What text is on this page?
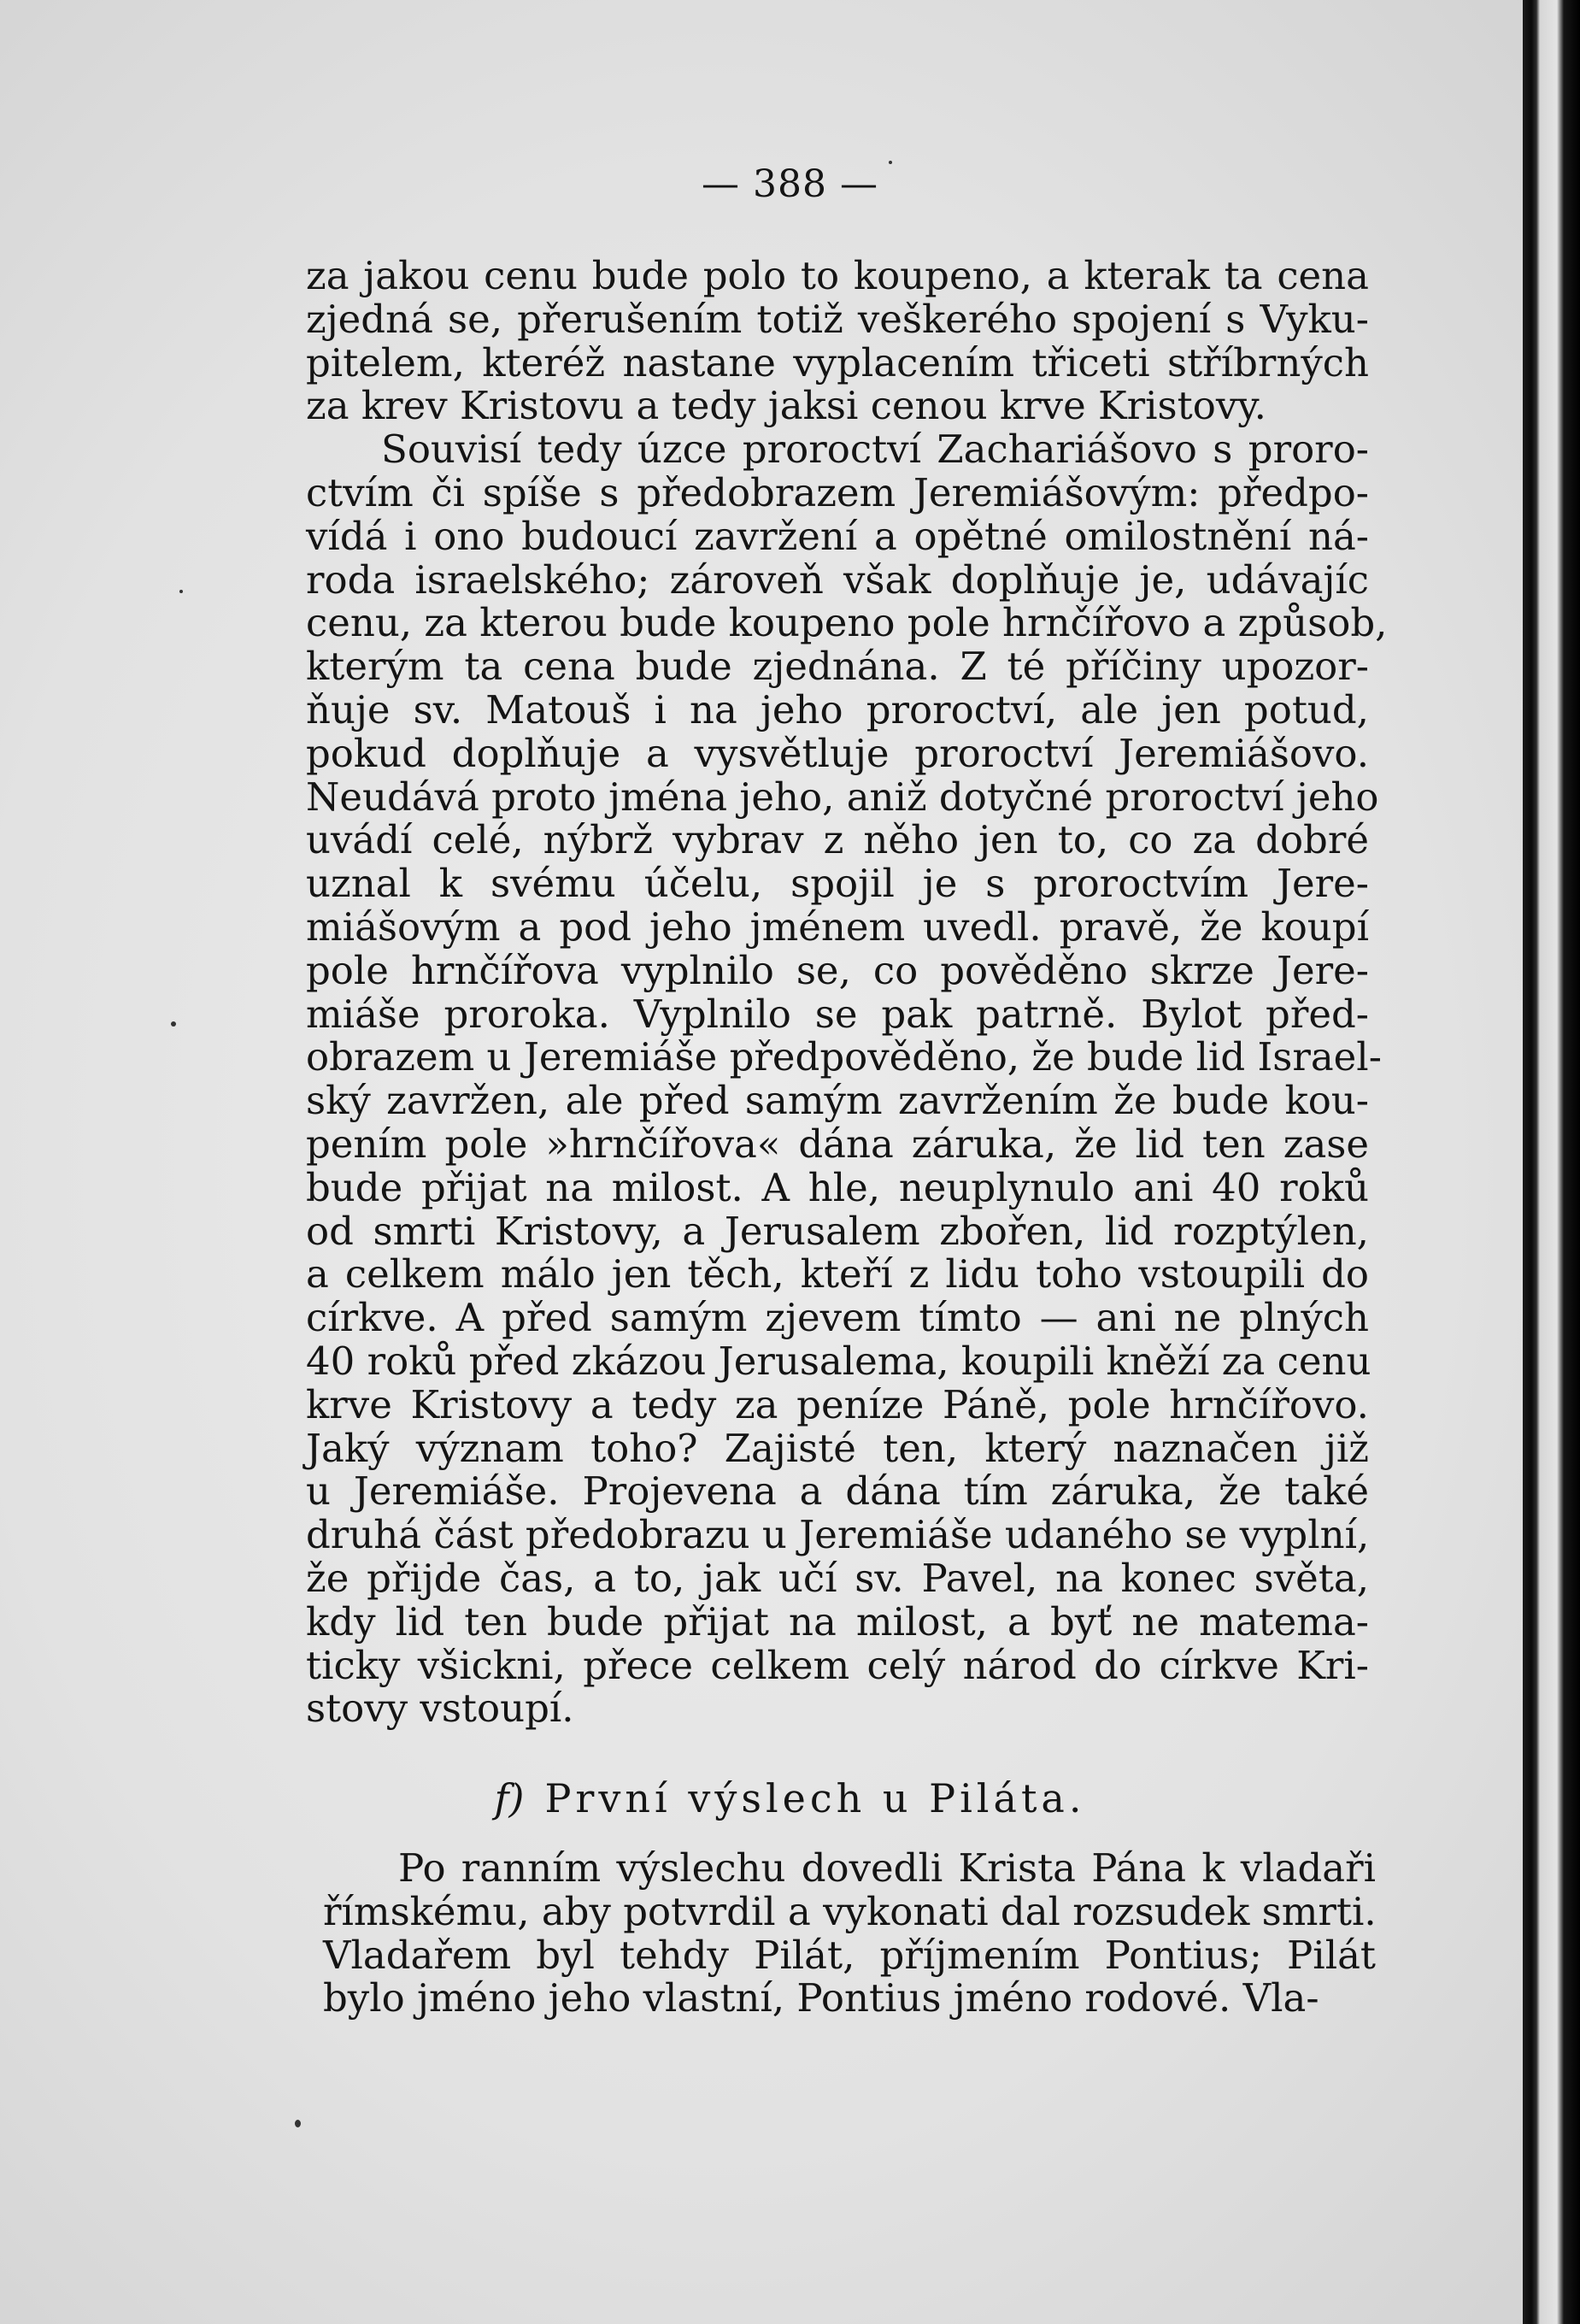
— 388 —

za jakou cenu bude polo to koupeno, a kterak ta cena
zjedná se, přerušením totiž veškerého spojení s Vyku-
pitelem, kteréž nastane vyplacením třiceti stříbrných
za krev Kristovu a tedy jaksi cenou krve Kristovy.

Souvisí tedy úzce proroctví Zachariášovo s proro-
ctvím či spíše s předobrazem Jeremiášovým: předpo-
vídá i ono budoucí zavržení a opětné omilostnění ná-
roda israelského; zároveň však doplňuje je, udávajíc
cenu, za kterou bude koupeno pole hrnčířovo a způsob,
kterým ta cena bude zjednána. Z té příčiny upozor-
ňuje sv. Matouš i na jeho proroctví, ale jen potud,
pokud doplňuje a vysvětluje proroctví Jeremiášovo.
Neudává proto jména jeho, aniž dotyčné proroctví jeho
uvádí celé, nýbrž vybrav z něho jen to, co za dobré
uznal k svému účelu, spojil je s proroctvím Jere-
miášovým a pod jeho jménem uvedl. pravě, že koupí
pole hrnčířova vyplnilo se, co pověděno skrze Jere-
miáše proroka. Vyplnilo se pak patrně. Bylot před-
obrazem u Jeremiáše předpověděno, že bude lid Israel-
ský zavržen, ale před samým zavržením že bude kou-
pením pole »hrnčířova« dána záruka, že lid ten zase
bude přijat na milost. A hle, neuplynulo ani 40 roků
od smrti Kristovy, a Jerusalem zbořen, lid rozptýlen,
a celkem málo jen těch, kteří z lidu toho vstoupili do
církve. A před samým zjevem tímto — ani ne plných
40 roků před zkázou Jerusalema, koupili kněží za cenu
krve Kristovy a tedy za peníze Páně, pole hrnčířovo.
Jaký význam toho? Zajisté ten, který naznačen již
u Jeremiáše. Projevena a dána tím záruka, že také
druhá část předobrazu u Jeremiáše udaného se vyplní,
že přijde čas, a to, jak učí sv. Pavel, na konec světa,
kdy lid ten bude přijat na milost, a byť ne matema-
ticky všickni, přece celkem celý národ do církve Kri-
stovy vstoupí.

f) První výslech u Piláta.

Po ranním výslechu dovedli Krista Pána k vladaři
římskému, aby potvrdil a vykonati dal rozsudek smrti.
Vladařem byl tehdy Pilát, příjmením Pontius; Pilát
bylo jméno jeho vlastní, Pontius jméno rodové. Vla-
